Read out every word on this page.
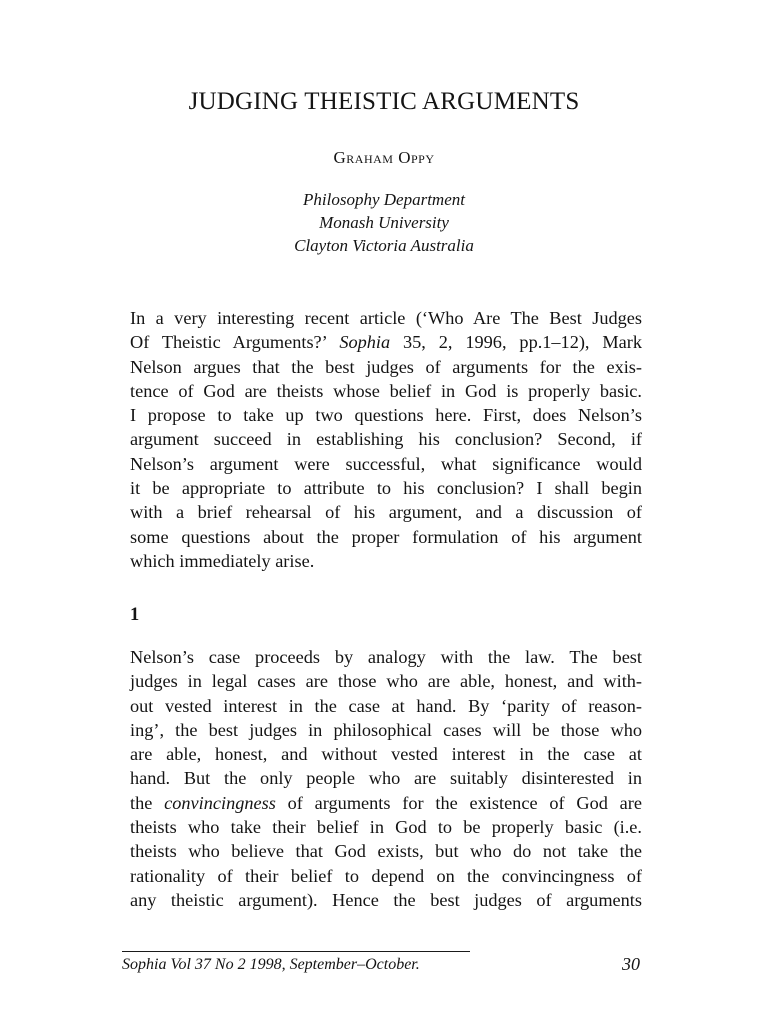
JUDGING THEISTIC ARGUMENTS
Graham Oppy
Philosophy Department
Monash University
Clayton Victoria Australia
In a very interesting recent article (‘Who Are The Best Judges
Of Theistic Arguments?’ Sophia 35, 2, 1996, pp.1–12), Mark
Nelson argues that the best judges of arguments for the exis-
tence of God are theists whose belief in God is properly basic.
I propose to take up two questions here. First, does Nelson’s
argument succeed in establishing his conclusion? Second, if
Nelson’s argument were successful, what significance would
it be appropriate to attribute to his conclusion? I shall begin
with a brief rehearsal of his argument, and a discussion of
some questions about the proper formulation of his argument
which immediately arise.
1
Nelson’s case proceeds by analogy with the law. The best
judges in legal cases are those who are able, honest, and with-
out vested interest in the case at hand. By ‘parity of reason-
ing’, the best judges in philosophical cases will be those who
are able, honest, and without vested interest in the case at
hand. But the only people who are suitably disinterested in
the convincingness of arguments for the existence of God are
theists who take their belief in God to be properly basic (i.e.
theists who believe that God exists, but who do not take the
rationality of their belief to depend on the convincingness of
any theistic argument). Hence the best judges of arguments
Sophia Vol 37 No 2 1998, September–October.	30
